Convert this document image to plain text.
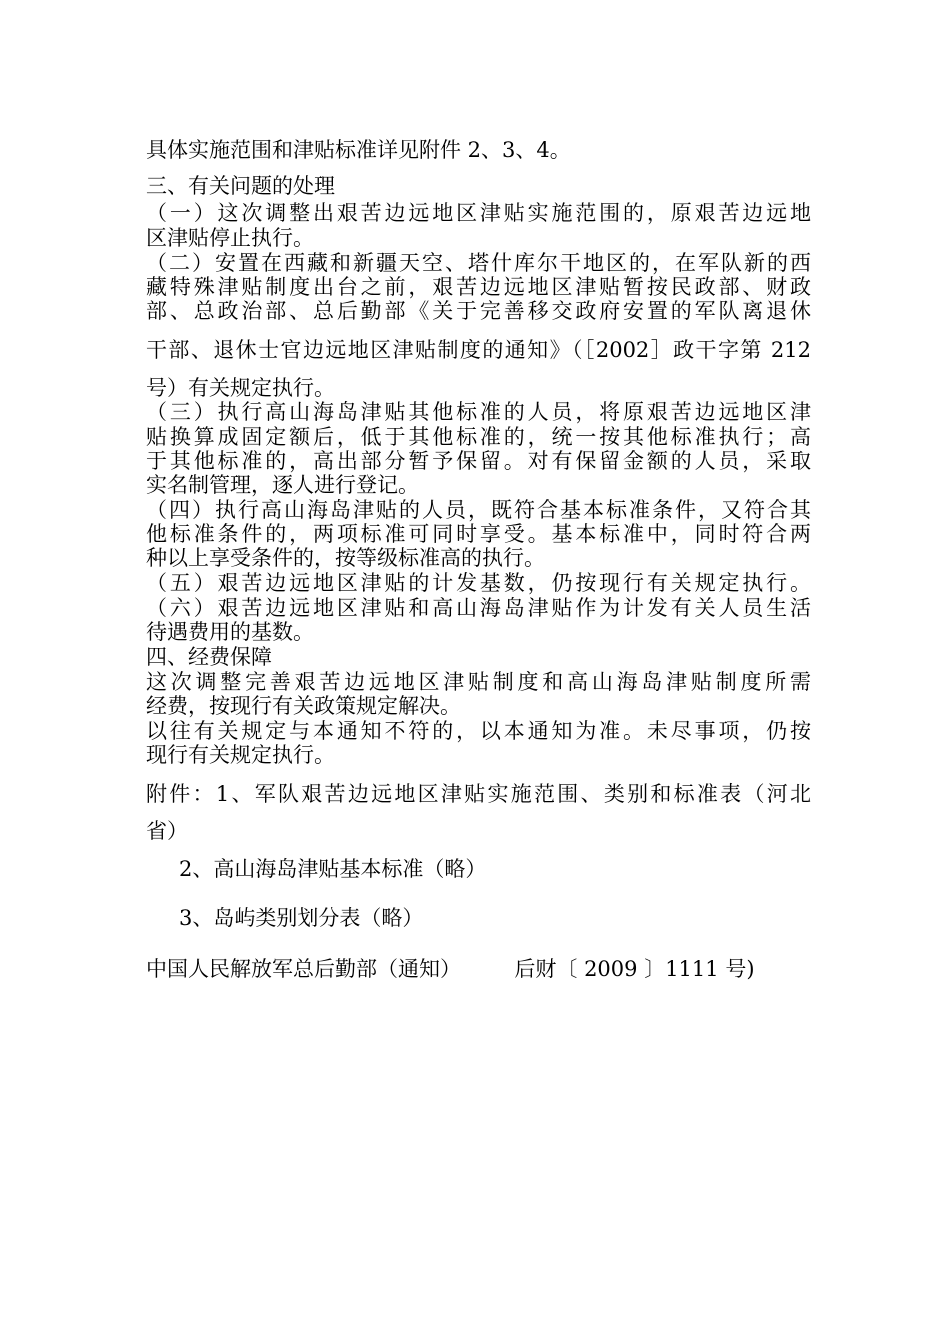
具体实施范围和津贴标准详见附件 2、3、4。
三、有关问题的处理
（一）这次调整出艰苦边远地区津贴实施范围的，原艰苦边远地
区津贴停止执行。
（二）安置在西藏和新疆天空、塔什库尔干地区的，在军队新的西
藏特殊津贴制度出台之前，艰苦边远地区津贴暂按民政部、财政
部、总政治部、总后勤部《关于完善移交政府安置的军队离退休
干部、退休士官边远地区津贴制度的通知》（［2002］政干字第 212
号）有关规定执行。
（三）执行高山海岛津贴其他标准的人员，将原艰苦边远地区津
贴换算成固定额后，低于其他标准的，统一按其他标准执行；高
于其他标准的，高出部分暂予保留。对有保留金额的人员，采取
实名制管理，逐人进行登记。
（四）执行高山海岛津贴的人员，既符合基本标准条件，又符合其
他标准条件的，两项标准可同时享受。基本标准中，同时符合两
种以上享受条件的，按等级标准高的执行。
（五）艰苦边远地区津贴的计发基数，仍按现行有关规定执行。
（六）艰苦边远地区津贴和高山海岛津贴作为计发有关人员生活
待遇费用的基数。
四、经费保障
这次调整完善艰苦边远地区津贴制度和高山海岛津贴制度所需
经费，按现行有关政策规定解决。
以往有关规定与本通知不符的，以本通知为准。未尽事项，仍按
现行有关规定执行。
附件：1、军队艰苦边远地区津贴实施范围、类别和标准表（河北
省）
2、高山海岛津贴基本标准（略）
3、岛屿类别划分表（略）
中国人民解放军总后勤部（通知）        后财〔 2009 〕1111 号)
